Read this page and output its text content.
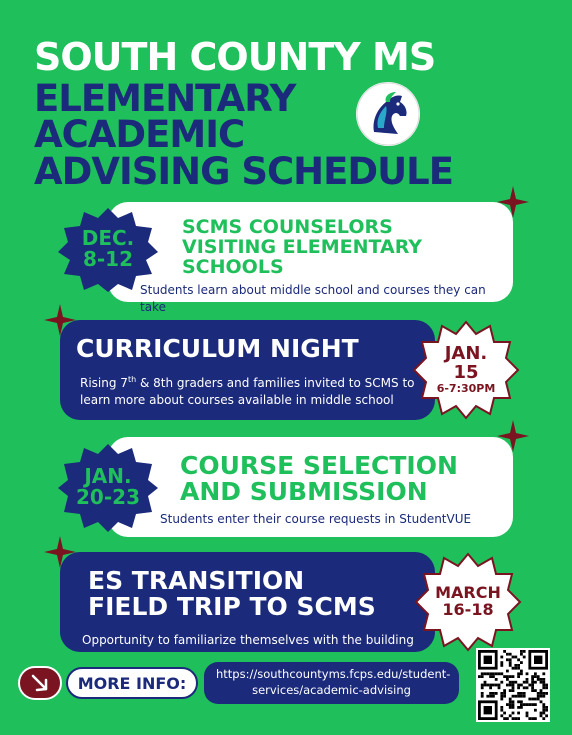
SOUTH COUNTY MS
ELEMENTARY
ACADEMIC
ADVISING SCHEDULE
SCMS COUNSELORS
VISITING ELEMENTARY
SCHOOLS
Students learn about middle school and courses they can take
DEC.
8-12
CURRICULUM NIGHT
Rising 7th & 8th graders and families invited to SCMS to
learn more about courses available in middle school
JAN.
15
6-7:30PM
COURSE SELECTION
AND SUBMISSION
Students enter their course requests in StudentVUE
JAN.
20-23
ES TRANSITION
FIELD TRIP TO SCMS
Opportunity to familiarize themselves with the building
MARCH
16-18
MORE INFO:	https://southcountyms.fcps.edu/student-
services/academic-advising
